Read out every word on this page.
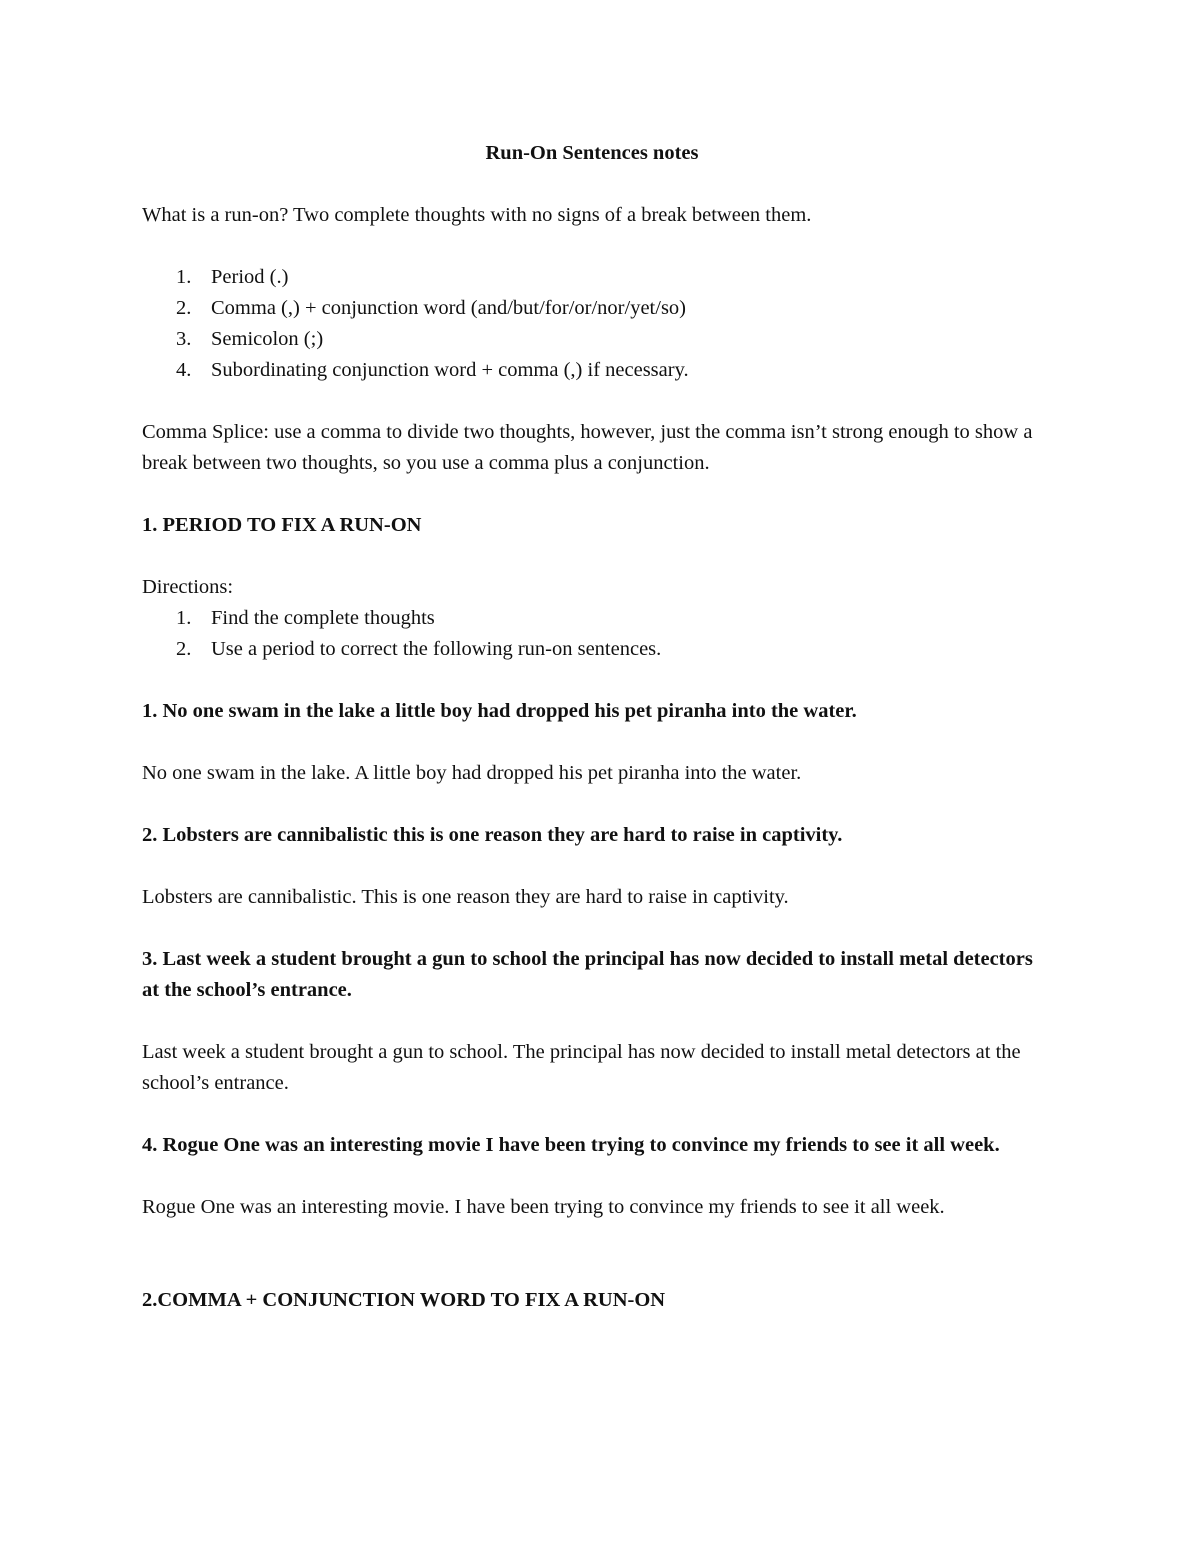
Run-On Sentences notes

What is a run-on? Two complete thoughts with no signs of a break between them.

1. Period (.)
2. Comma (,) + conjunction word (and/but/for/or/nor/yet/so)
3. Semicolon (;)
4. Subordinating conjunction word + comma (,) if necessary.

Comma Splice: use a comma to divide two thoughts, however, just the comma isn’t strong enough to show a break between two thoughts, so you use a comma plus a conjunction.

1. PERIOD TO FIX A RUN-ON

Directions:

1. Find the complete thoughts
2. Use a period to correct the following run-on sentences.

1. No one swam in the lake a little boy had dropped his pet piranha into the water.

No one swam in the lake. A little boy had dropped his pet piranha into the water.

2. Lobsters are cannibalistic this is one reason they are hard to raise in captivity.

Lobsters are cannibalistic. This is one reason they are hard to raise in captivity.

3. Last week a student brought a gun to school the principal has now decided to install metal detectors at the school’s entrance.

Last week a student brought a gun to school. The principal has now decided to install metal detectors at the school’s entrance.

4. Rogue One was an interesting movie I have been trying to convince my friends to see it all week.

Rogue One was an interesting movie. I have been trying to convince my friends to see it all week.

2.COMMA + CONJUNCTION WORD TO FIX A RUN-ON
